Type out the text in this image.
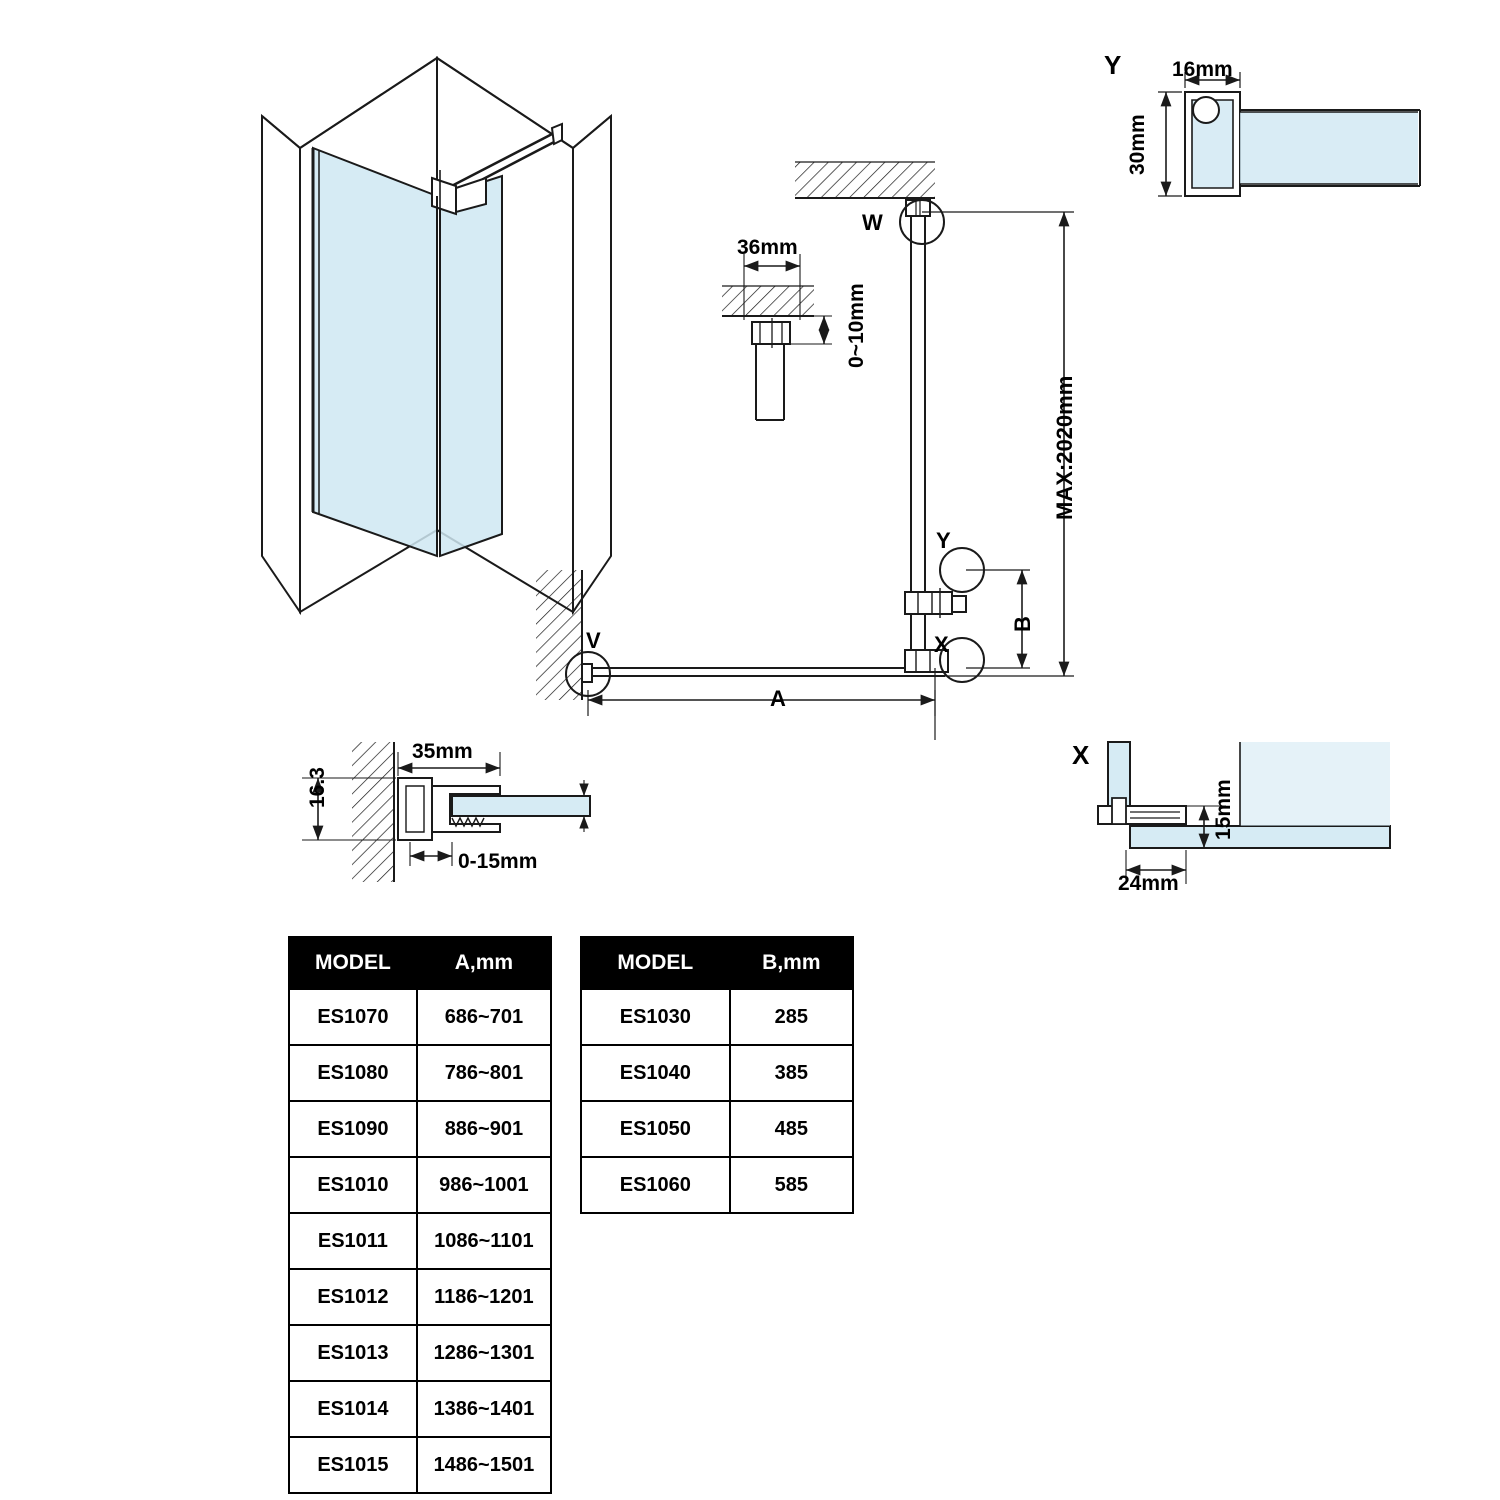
Y 16mm
30mm
36mm
0~10mm
W
V
Y
X
MAX:2020mm
B
A
16.3
35mm
0-15mm
X
15mm
24mm
MODEL	A,mm
ES1070	686~701
ES1080	786~801
ES1090	886~901
ES1010	986~1001
ES1011	1086~1101
ES1012	1186~1201
ES1013	1286~1301
ES1014	1386~1401
ES1015	1486~1501
MODEL	B,mm
ES1030	285
ES1040	385
ES1050	485
ES1060	585
